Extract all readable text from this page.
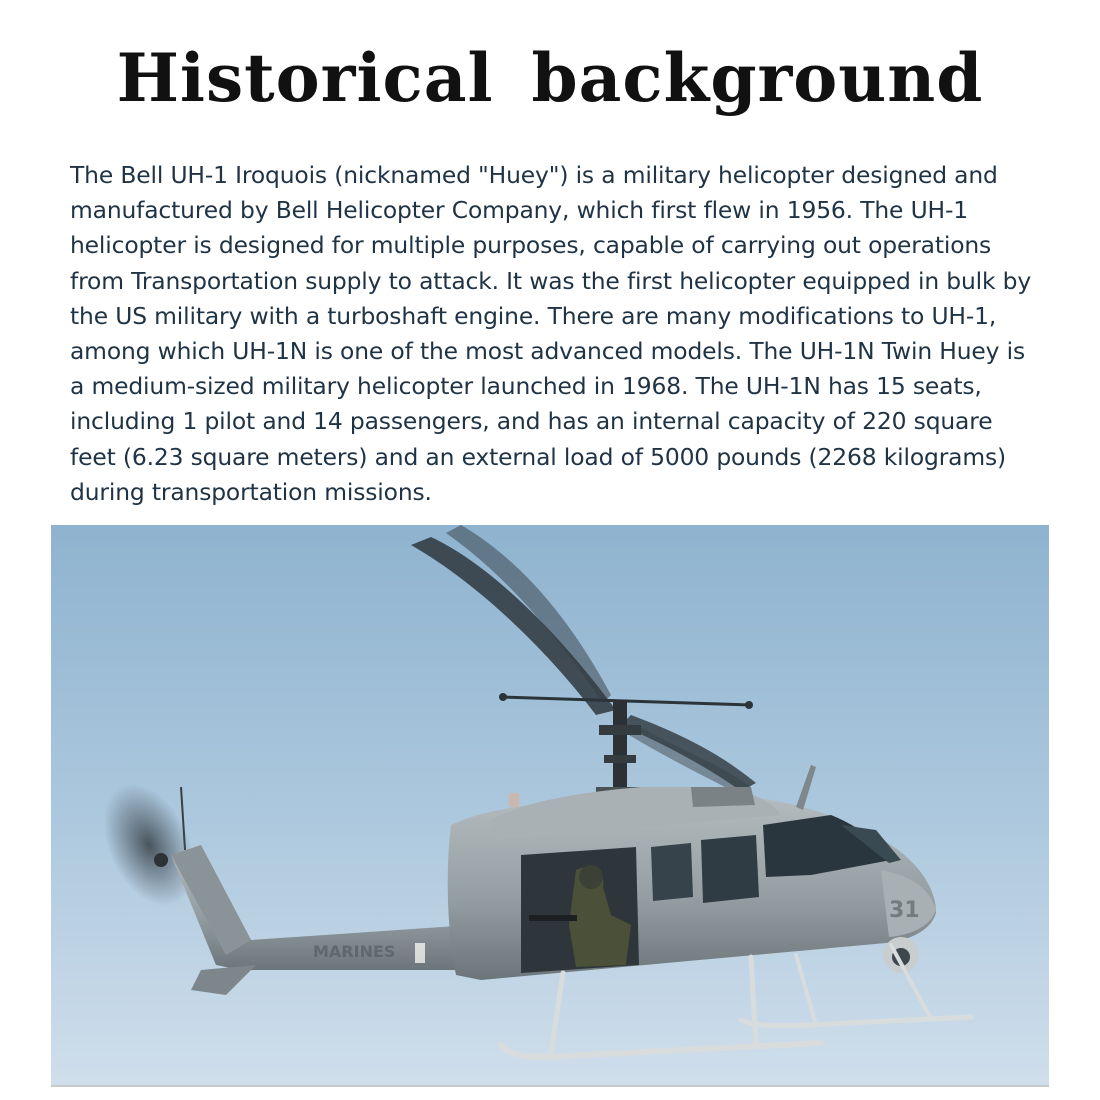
Historical background

The Bell UH-1 Iroquois (nicknamed "Huey") is a military helicopter designed and manufactured by Bell Helicopter Company, which first flew in 1956. The UH-1 helicopter is designed for multiple purposes, capable of carrying out operations from Transportation supply to attack. It was the first helicopter equipped in bulk by the US military with a turboshaft engine. There are many modifications to UH-1, among which UH-1N is one of the most advanced models. The UH-1N Twin Huey is a medium-sized military helicopter launched in 1968. The UH-1N has 15 seats, including 1 pilot and 14 passengers, and has an internal capacity of 220 square feet (6.23 square meters) and an external load of 5000 pounds (2268 kilograms) during transportation missions.

MARINES
31
